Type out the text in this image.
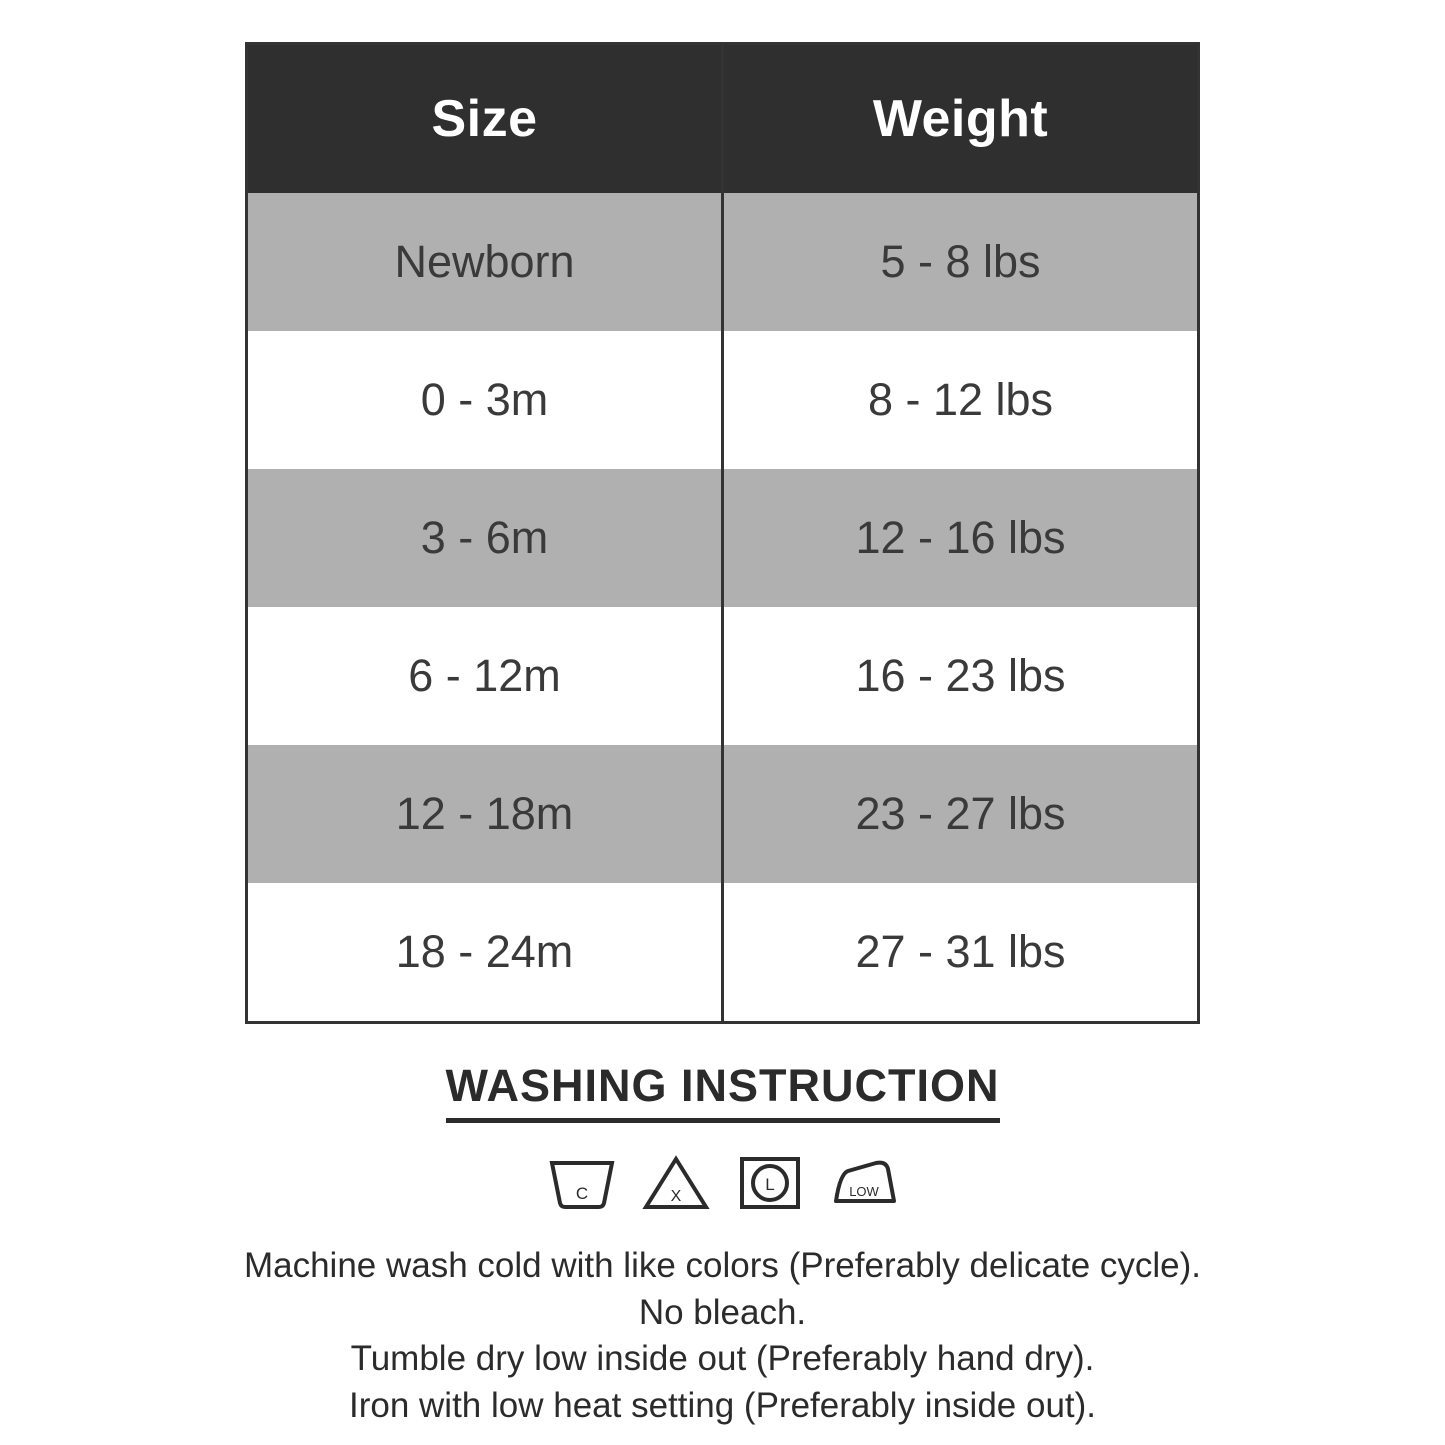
Size	Weight
Newborn	5 - 8 lbs
0 - 3m	8 - 12 lbs
3 - 6m	12 - 16 lbs
6 - 12m	16 - 23 lbs
12 - 18m	23 - 27 lbs
18 - 24m	27 - 31 lbs
WASHING INSTRUCTION
C	X
L	LOW
Machine wash cold with like colors (Preferably delicate cycle).
No bleach.
Tumble dry low inside out (Preferably hand dry).
Iron with low heat setting (Preferably inside out).
